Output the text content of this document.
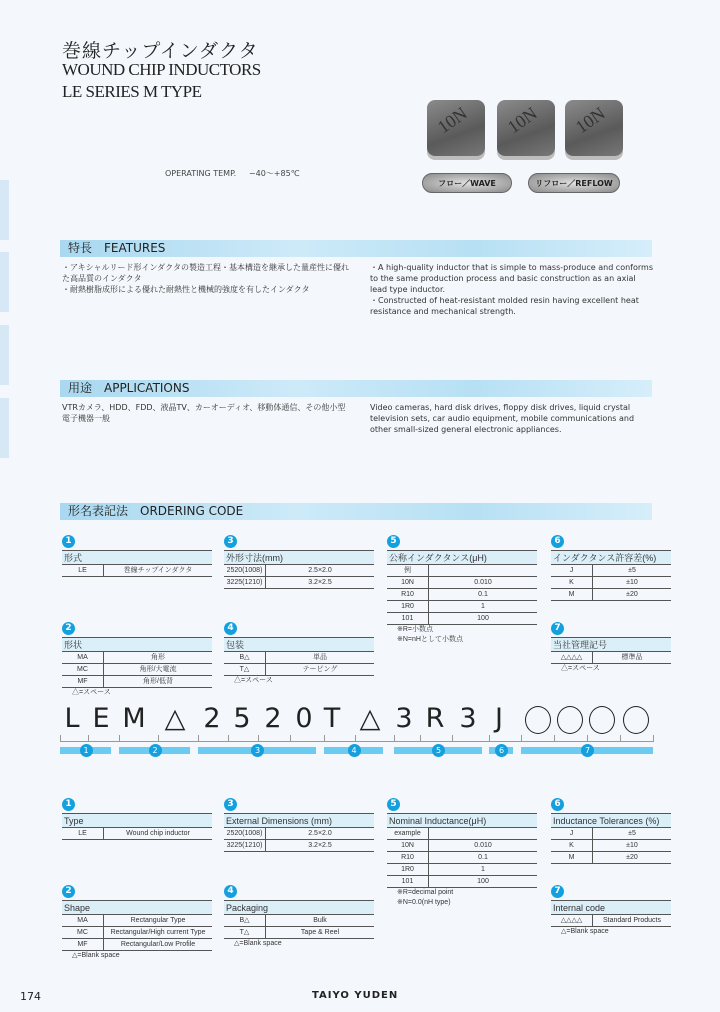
巻線チップインダクタ
WOUND CHIP INDUCTORS
LE SERIES M TYPE
OPERATING TEMP. −40～+85℃
10N 10N 10N
フロー／WAVE	リフロー／REFLOW
特長　FEATURES
・アキシャルリード形インダクタの製造工程・基本構造を継承した量産性に優れた高品質のインダクタ
・耐熱樹脂成形による優れた耐熱性と機械的強度を有したインダクタ
・A high-quality inductor that is simple to mass-produce and conforms to the same production process and basic construction as an axial lead type inductor.
・Constructed of heat-resistant molded resin having excellent heat resistance and mechanical strength.
用途　APPLICATIONS
VTRカメラ、HDD、FDD、液晶TV、カーオーディオ、移動体通信、その他小型電子機器一般
Video cameras, hard disk drives, floppy disk drives, liquid crystal television sets, car audio equipment, mobile communications and other small-sized general electronic appliances.
形名表記法　ORDERING CODE
1
形式
LE	巻線チップインダクタ
2
形状
MA	角形
MC	角形/大電流
MF	角形/低背
△=スペース
3
外形寸法(mm)
2520(1008)	2.5×2.0
3225(1210)	3.2×2.5
4
包装
B△	単品
T△	テーピング
△=スペース
5
公称インダクタンス(μH)
例
10N	0.010
R10	0.1
1R0	1
101	100
※R=小数点
※N=nHとして小数点
6
インダクタンス許容差(%)
J	±5
K	±10
M	±20
7
当社管理記号
△△△△	標準品
△=スペース
1
Type
LE	Wound chip inductor
2
Shape
MA	Rectangular Type
MC	Rectangular/High current Type
MF	Rectangular/Low Profile
△=Blank space
3
External Dimensions (mm)
2520(1008)	2.5×2.0
3225(1210)	3.2×2.5
4
Packaging
B△	Bulk
T△	Tape & Reel
△=Blank space
5
Nominal Inductance(μH)
example
10N	0.010
R10	0.1
1R0	1
101	100
※R=decimal point
※N=0.0(nH type)
6
Inductance Tolerances (%)
J	±5
K	±10
M	±20
7
Internal code
△△△△	Standard Products
△=Blank space
L E M △ 2 5 2 0 T △ 3 R 3 J
1	2	3	4	5	6	7
174	TAIYO YUDEN
